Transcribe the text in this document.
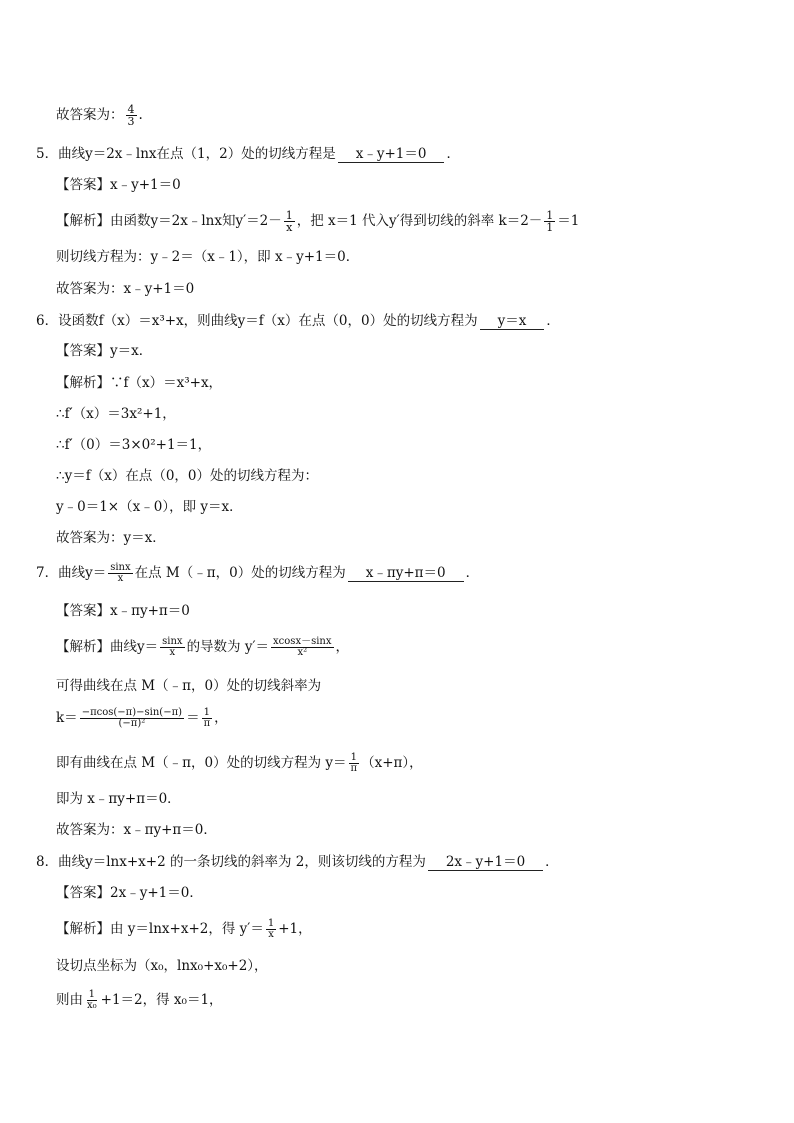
故答案为： $\frac{4}{3}$ .
5．曲线y＝2x﹣lnx在点（1，2）处的切线方程是 x﹣y+1＝0 ．
【答案】x﹣y+1＝0
【解析】由函数y＝2x﹣lnx知$y'=2- \frac{1}{x}$ ，把 x＝1 代入y′得到切线的斜率 $k=2- \frac{1}{1} =1$
则切线方程为：y﹣2＝（x﹣1），即 x﹣y+1＝0．
故答案为：x﹣y+1＝0
6．设函数f（x）＝x³+x，则曲线y＝f（x）在点（0，0）处的切线方程为 y＝x ．
【答案】y＝x．
【解析】∵f（x）＝x³+x，
∴f′（x）＝3x²+1，
∴f′（0）＝3×0²+1＝1，
∴y＝f（x）在点（0，0）处的切线方程为：
y﹣0＝1×（x﹣0），即 y＝x．
故答案为：y＝x．
7．曲线$y= \frac{\sin x}{x}$ 在点 M（﹣π，0）处的切线方程为 x﹣πy+π＝0 ．
【答案】x﹣πy+π＝0
【解析】曲线$y= \frac{\sin x}{x}$ 的导数为 $y'= \frac{xcosx-\sin x}{\text{x²}}$ ，
可得曲线在点 M（﹣π，0）处的切线斜率为
$k= \frac{-\pi\cos(-\pi)-\sin(-\pi)}{\text{(−π)²}} = \frac{1}{\pi}$ ，
即有曲线在点 M（﹣π，0）处的切线方程为 $y= \frac{1}{\pi} (x+\pi)$，
即为 x﹣πy+π＝0．
故答案为：x﹣πy+π＝0．
8．曲线y＝lnx+x+2 的一条切线的斜率为 2，则该切线的方程为 2x﹣y+1＝0 ．
【答案】2x﹣y+1＝0．
【解析】由 y＝lnx+x+2，得 $y'= \frac{1}{x} +1$，
设切点坐标为（x₀，lnx₀+x₀+2），
则由 $\frac{1}{\text{x₀}} +1=2$，得 x₀＝1，
